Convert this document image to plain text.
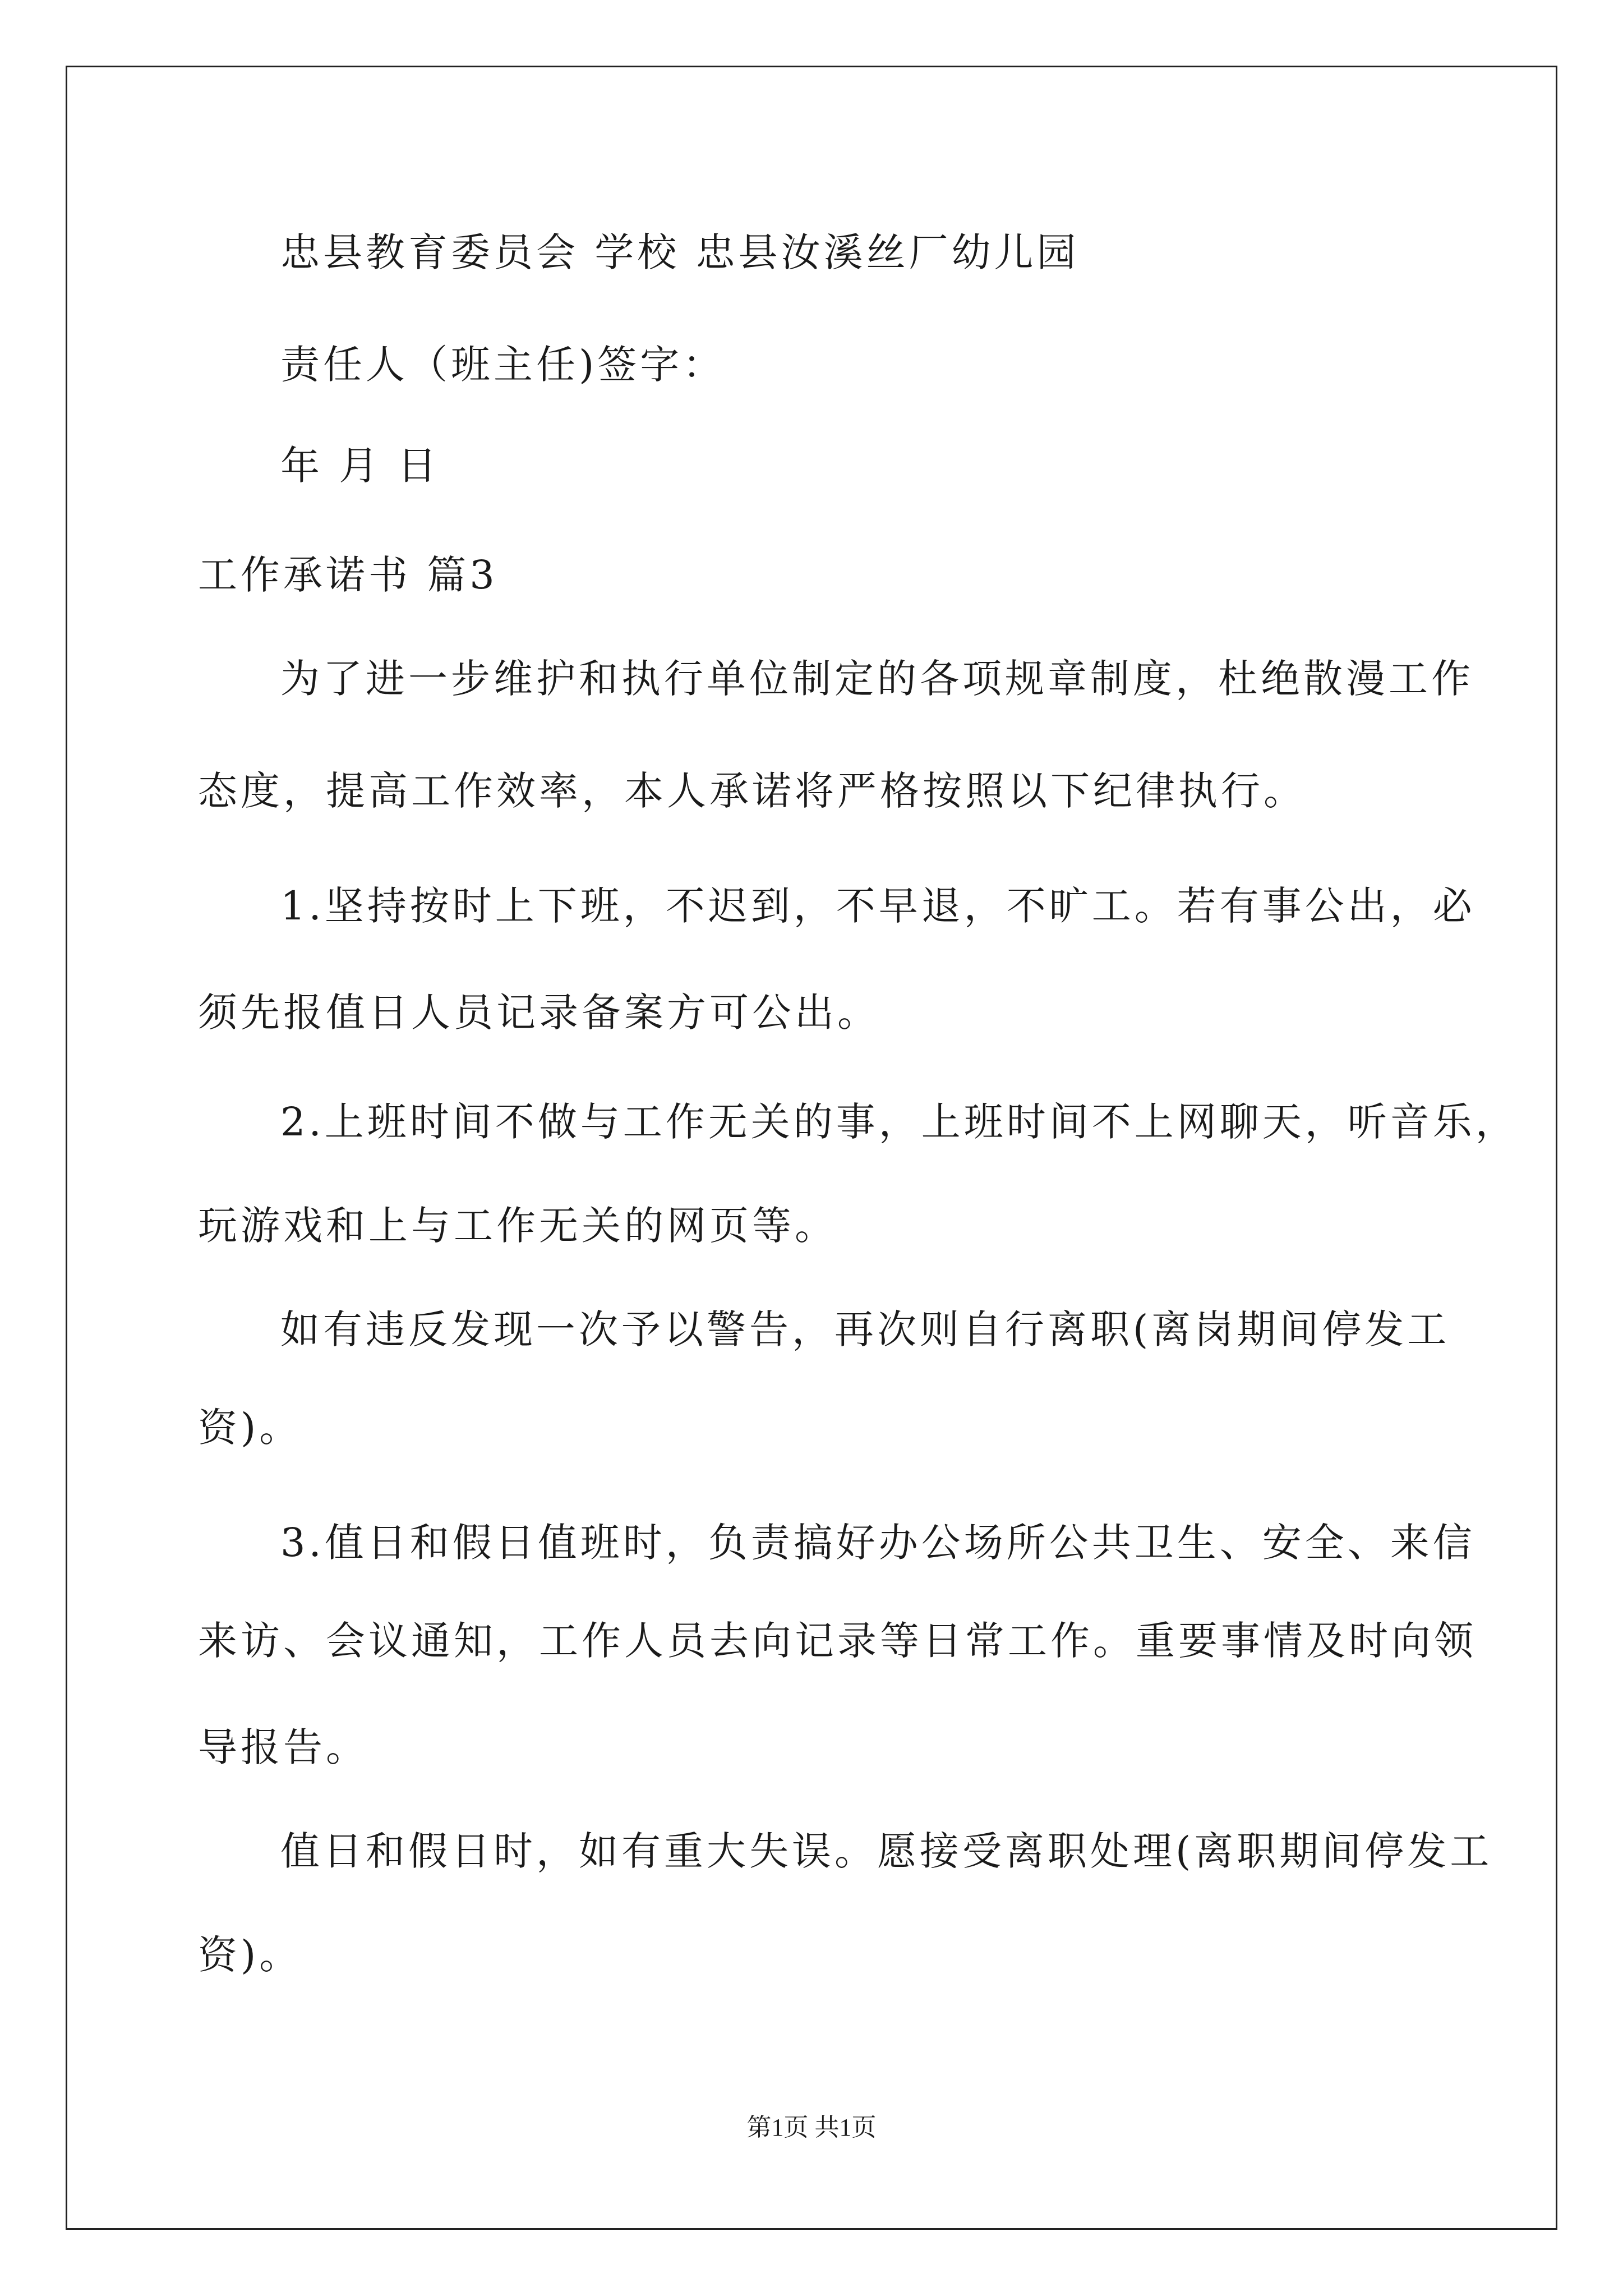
忠县教育委员会 学校 忠县汝溪丝厂幼儿园
责任人（班主任)签字：
年 月 日
工作承诺书 篇3
为了进一步维护和执行单位制定的各项规章制度，杜绝散漫工作
态度，提高工作效率，本人承诺将严格按照以下纪律执行。
1.坚持按时上下班，不迟到，不早退，不旷工。若有事公出，必
须先报值日人员记录备案方可公出。
2.上班时间不做与工作无关的事，上班时间不上网聊天，听音乐，
玩游戏和上与工作无关的网页等。
如有违反发现一次予以警告，再次则自行离职(离岗期间停发工
资)。
3.值日和假日值班时，负责搞好办公场所公共卫生、安全、来信
来访、会议通知，工作人员去向记录等日常工作。重要事情及时向领
导报告。
值日和假日时，如有重大失误。愿接受离职处理(离职期间停发工
资)。
第1页 共1页
